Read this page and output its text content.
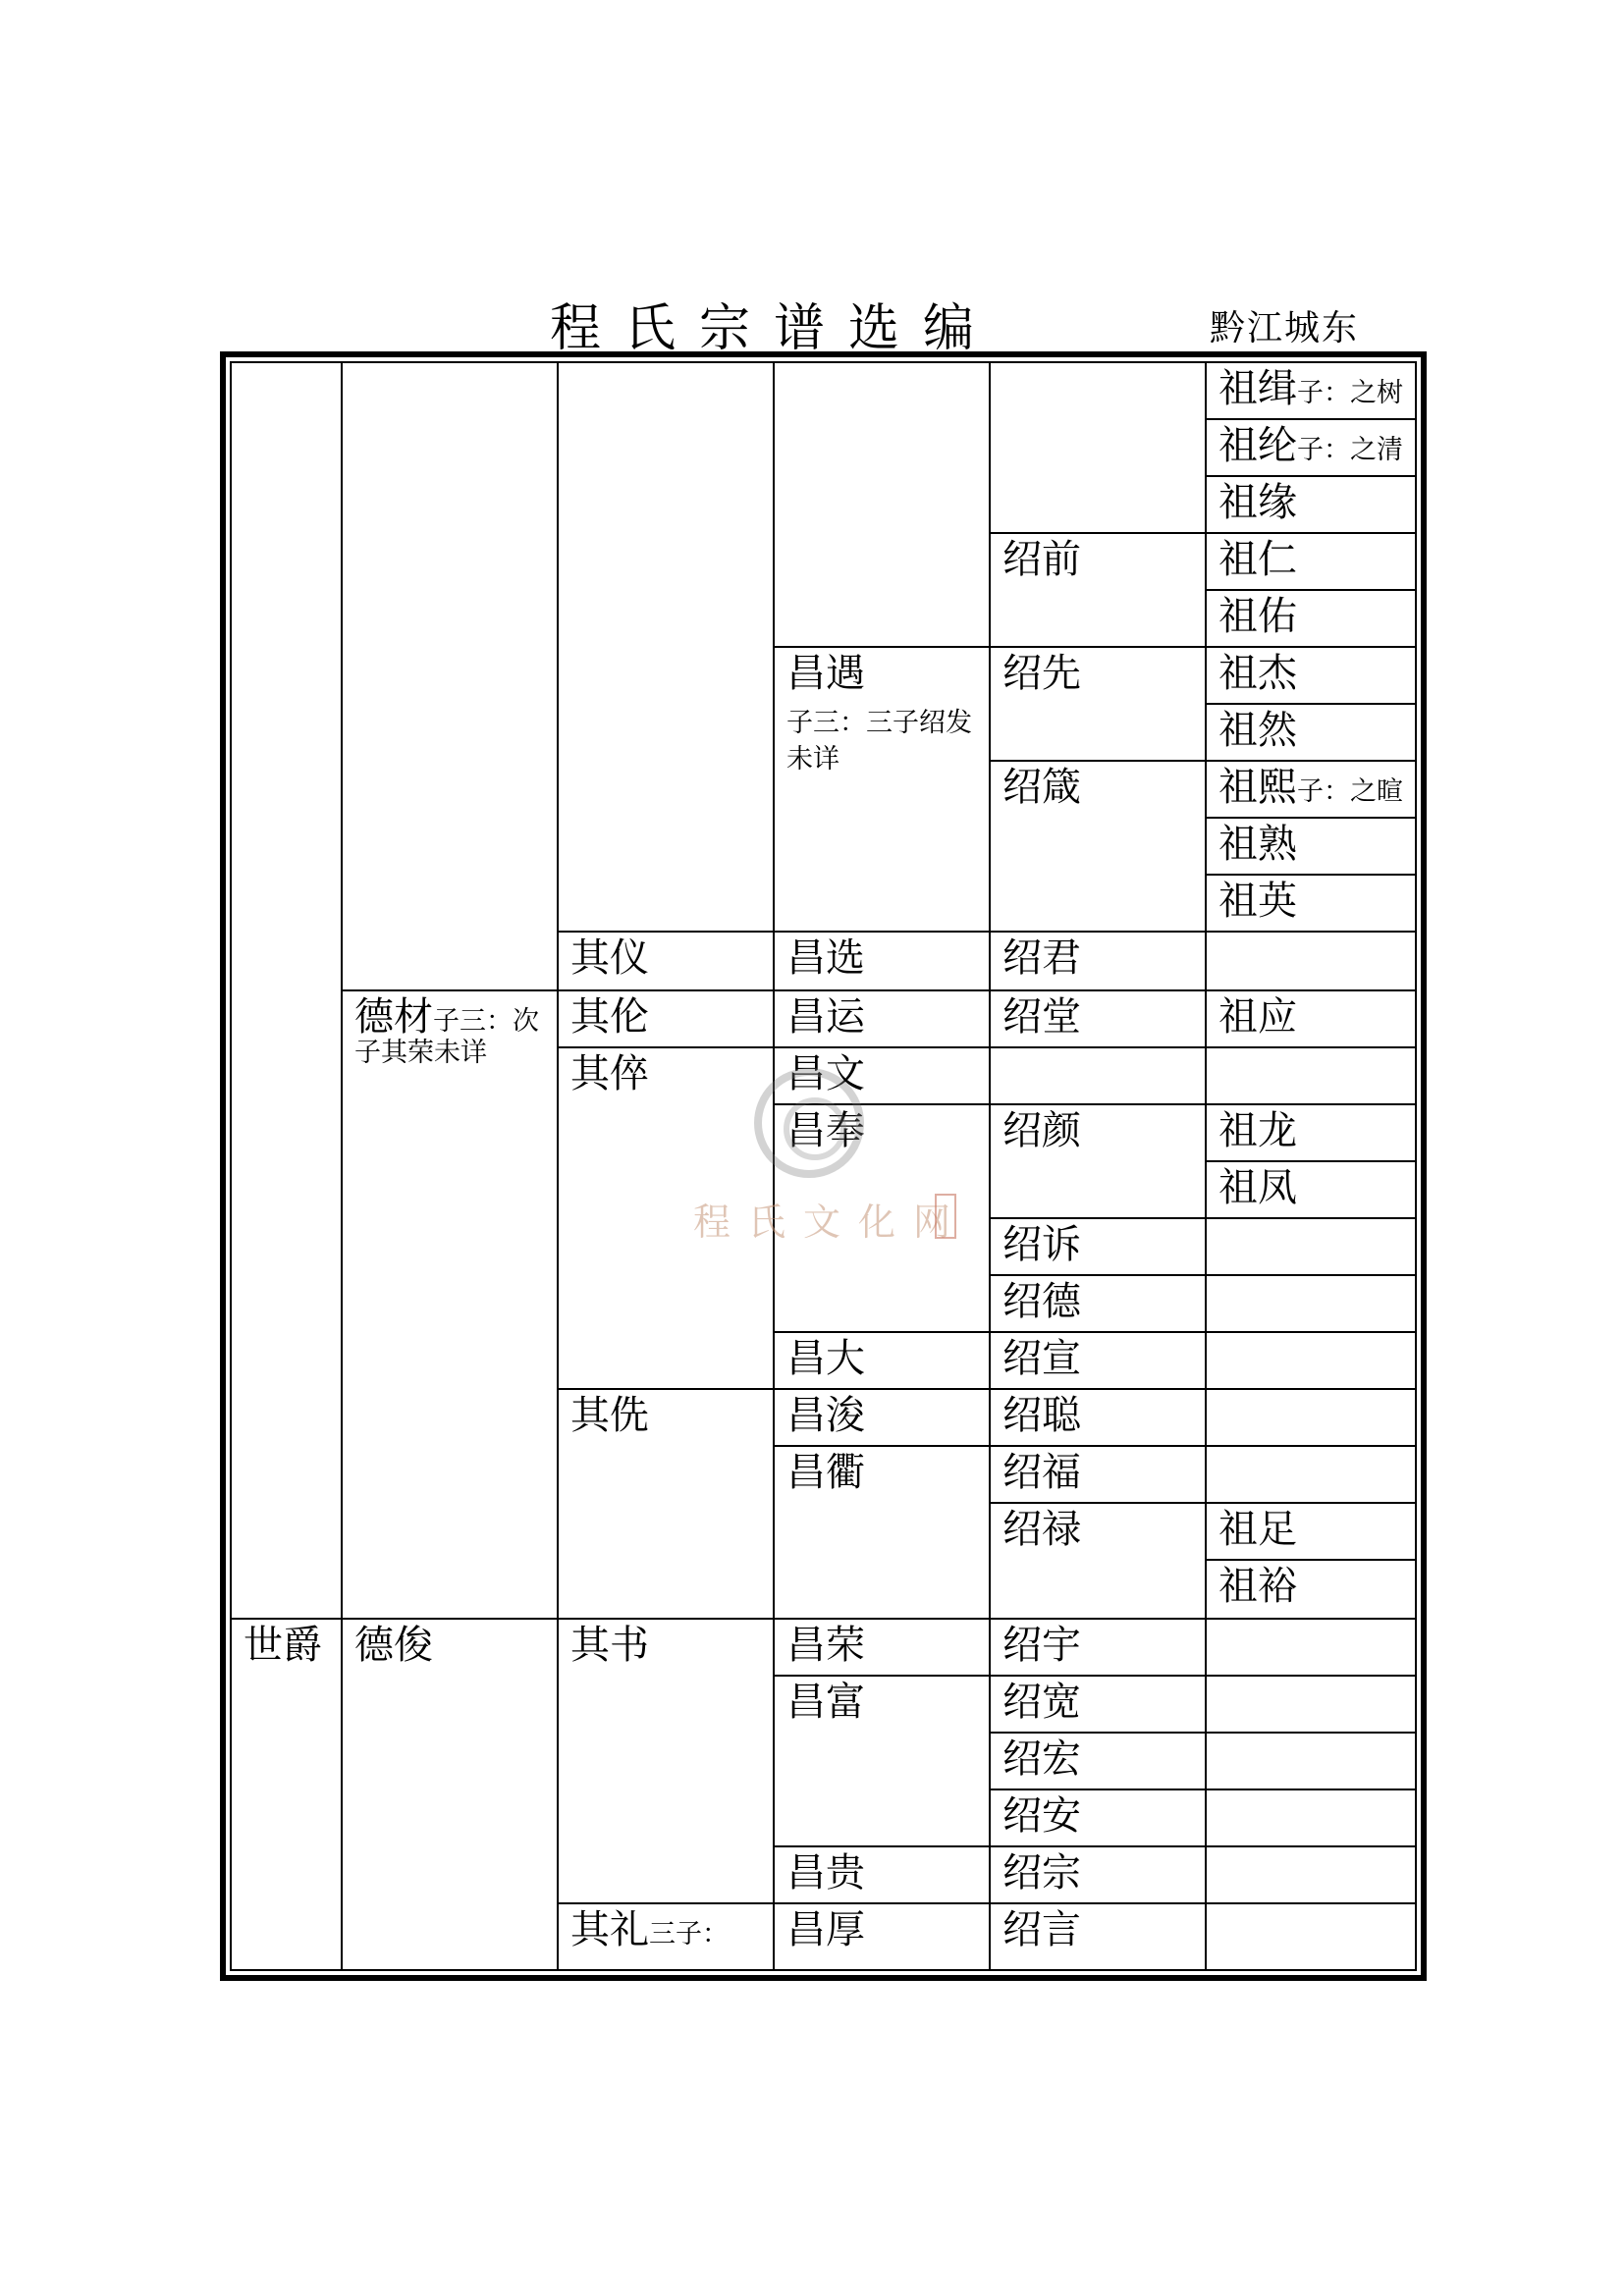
程氏宗谱选编	黔江城东
世爵
德材子三：次
子其荣未详
德俊
其仪
其伦
其倅
其侁
其书
其礼三子：
昌遇
子三：三子绍发未详
昌选
昌运
昌文
昌奉
昌大
昌浚
昌衢
昌荣
昌富
昌贵
昌厚
绍前
绍先
绍箴
绍君
绍堂
绍颜
绍诉
绍德
绍宣
绍聪
绍福
绍禄
绍宇
绍宽
绍宏
绍安
绍宗
绍言
祖缉子：之树
祖纶子：之清
祖缘
祖仁
祖佑
祖杰
祖然
祖熙子：之暄
祖熟
祖英
祖应
祖龙
祖凤
祖足
祖裕
程氏文化网
